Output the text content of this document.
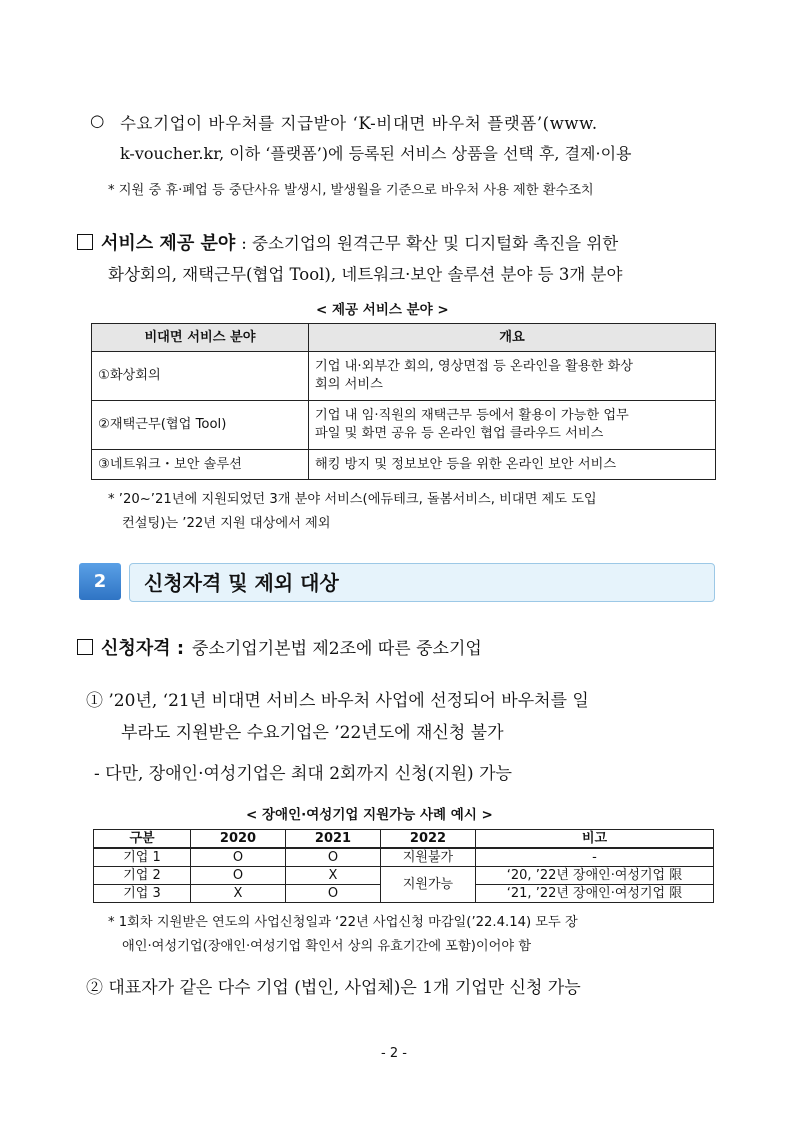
○ 수요기업이 바우처를 지급받아 ‘K-비대면 바우처 플랫폼’(www.
k-voucher.kr, 이하 ‘플랫폼’)에 등록된 서비스 상품을 선택 후, 결제·이용
* 지원 중 휴·폐업 등 중단사유 발생시, 발생월을 기준으로 바우처 사용 제한 환수조치
서비스 제공 분야 : 중소기업의 원격근무 확산 및 디지털화 촉진을 위한
화상회의, 재택근무(협업 Tool), 네트워크·보안 솔루션 분야 등 3개 분야
< 제공 서비스 분야 >
비대면 서비스 분야	개요
①화상회의	기업 내·외부간 회의, 영상면접 등 온라인을 활용한 화상
회의 서비스

②재택근무(협업 Tool)	기업 내 임·직원의 재택근무 등에서 활용이 가능한 업무
파일 및 화면 공유 등 온라인 협업 클라우드 서비스

③네트워크・보안 솔루션	해킹 방지 및 정보보안 등을 위한 온라인 보안 서비스
* ’20~’21년에 지원되었던 3개 분야 서비스(에듀테크, 돌봄서비스, 비대면 제도 도입
컨설팅)는 ’22년 지원 대상에서 제외
2	신청자격 및 제외 대상
신청자격 : 중소기업기본법 제2조에 따른 중소기업
① ’20년, ‘21년 비대면 서비스 바우처 사업에 선정되어 바우처를 일
부라도 지원받은 수요기업은 ’22년도에 재신청 불가
- 다만, 장애인·여성기업은 최대 2회까지 신청(지원) 가능
< 장애인·여성기업 지원가능 사례 예시 >
구분	2020	2021	2022	비고
기업 1	O	O	지원불가	-
기업 2	O	X	지원가능	‘20, ’22년 장애인·여성기업 限
기업 3	X	O		‘21, ’22년 장애인·여성기업 限
* 1회차 지원받은 연도의 사업신청일과 ‘22년 사업신청 마감일(’22.4.14) 모두 장
애인·여성기업(장애인·여성기업 확인서 상의 유효기간에 포함)이어야 함
② 대표자가 같은 다수 기업 (법인, 사업체)은 1개 기업만 신청 가능
- 2 -
